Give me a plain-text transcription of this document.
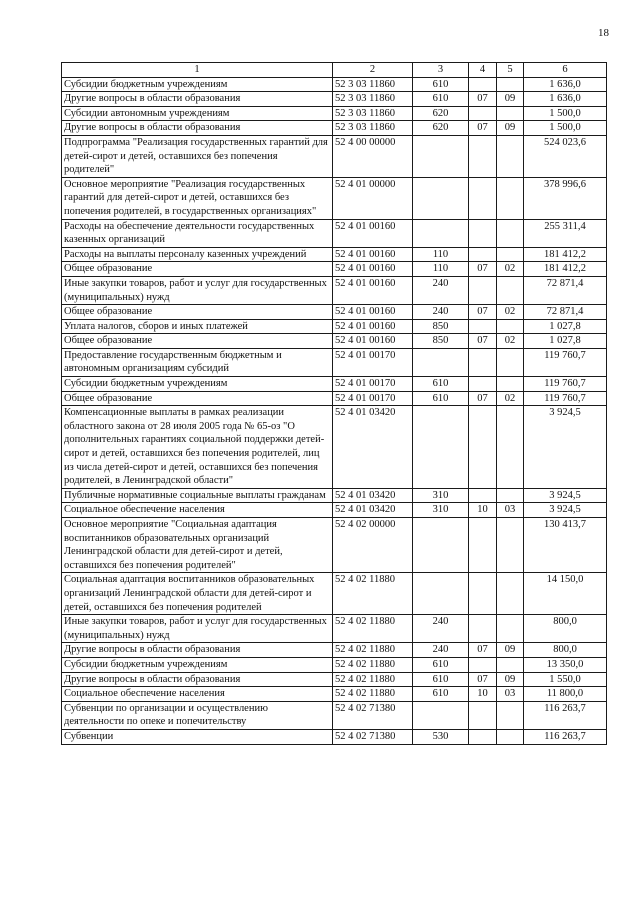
18
1	2	3	4	5	6
Субсидии бюджетным учреждениям	52 3 03 11860	610			1 636,0
Другие вопросы в области образования	52 3 03 11860	610	07	09	1 636,0
Субсидии автономным учреждениям	52 3 03 11860	620			1 500,0
Другие вопросы в области образования	52 3 03 11860	620	07	09	1 500,0
Подпрограмма "Реализация государственных гарантий для детей-сирот и детей, оставшихся без попечения родителей"	52 4 00 00000				524 023,6
Основное мероприятие "Реализация государственных гарантий для детей-сирот и детей, оставшихся без попечения родителей, в государственных организациях"	52 4 01 00000				378 996,6
Расходы на обеспечение деятельности государственных казенных организаций	52 4 01 00160				255 311,4
Расходы на выплаты персоналу казенных учреждений	52 4 01 00160	110			181 412,2
Общее образование	52 4 01 00160	110	07	02	181 412,2
Иные закупки товаров, работ и услуг для государственных (муниципальных) нужд	52 4 01 00160	240			72 871,4
Общее образование	52 4 01 00160	240	07	02	72 871,4
Уплата налогов, сборов и иных платежей	52 4 01 00160	850			1 027,8
Общее образование	52 4 01 00160	850	07	02	1 027,8
Предоставление государственным бюджетным и автономным организациям субсидий	52 4 01 00170				119 760,7
Субсидии бюджетным учреждениям	52 4 01 00170	610			119 760,7
Общее образование	52 4 01 00170	610	07	02	119 760,7
Компенсационные выплаты в рамках реализации областного закона от 28 июля 2005 года № 65-оз "О дополнительных гарантиях социальной поддержки детей-сирот и детей, оставшихся без попечения родителей, лиц из числа детей-сирот и детей, оставшихся без попечения родителей, в Ленинградской области"	52 4 01 03420				3 924,5
Публичные нормативные социальные выплаты гражданам	52 4 01 03420	310			3 924,5
Социальное обеспечение населения	52 4 01 03420	310	10	03	3 924,5
Основное мероприятие "Социальная адаптация воспитанников образовательных организаций Ленинградской области для детей-сирот и детей, оставшихся без попечения родителей"	52 4 02 00000				130 413,7
Социальная адаптация воспитанников образовательных организаций Ленинградской области для детей-сирот и детей, оставшихся без попечения родителей	52 4 02 11880				14 150,0
Иные закупки товаров, работ и услуг для государственных (муниципальных) нужд	52 4 02 11880	240			800,0
Другие вопросы в области образования	52 4 02 11880	240	07	09	800,0
Субсидии бюджетным учреждениям	52 4 02 11880	610			13 350,0
Другие вопросы в области образования	52 4 02 11880	610	07	09	1 550,0
Социальное обеспечение населения	52 4 02 11880	610	10	03	11 800,0
Субвенции по организации и осуществлению деятельности по опеке и попечительству	52 4 02 71380				116 263,7
Субвенции	52 4 02 71380	530			116 263,7
